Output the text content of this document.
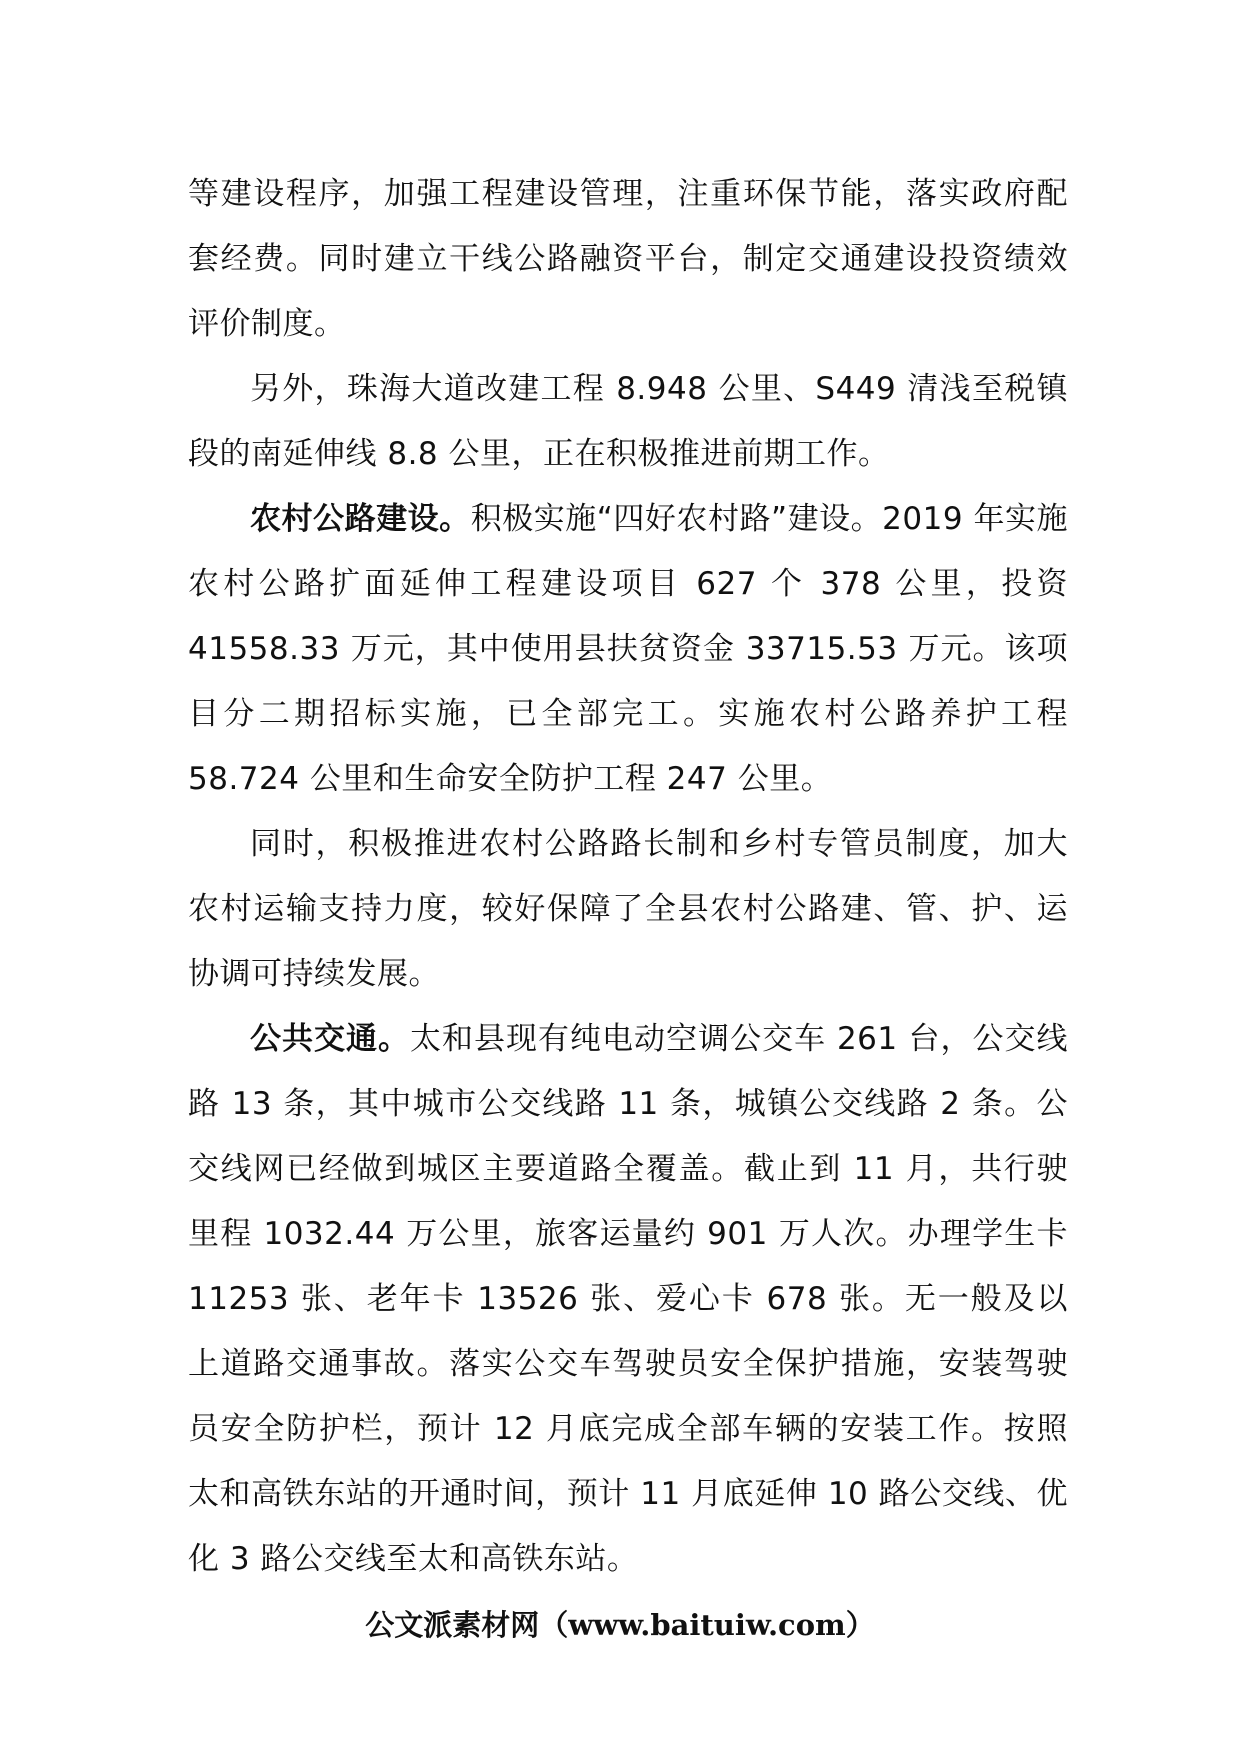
等建设程序，加强工程建设管理，注重环保节能，落实政府配套经费。同时建立干线公路融资平台，制定交通建设投资绩效评价制度。

另外，珠海大道改建工程 8.948 公里、S449 清浅至税镇段的南延伸线 8.8 公里，正在积极推进前期工作。

农村公路建设。积极实施“四好农村路”建设。2019 年实施农村公路扩面延伸工程建设项目 627 个 378 公里，投资 41558.33 万元，其中使用县扶贫资金 33715.53 万元。该项目分二期招标实施，已全部完工。实施农村公路养护工程 58.724 公里和生命安全防护工程 247 公里。

同时，积极推进农村公路路长制和乡村专管员制度，加大农村运输支持力度，较好保障了全县农村公路建、管、护、运协调可持续发展。

公共交通。太和县现有纯电动空调公交车 261 台，公交线路 13 条，其中城市公交线路 11 条，城镇公交线路 2 条。公交线网已经做到城区主要道路全覆盖。截止到 11 月，共行驶里程 1032.44 万公里，旅客运量约 901 万人次。办理学生卡 11253 张、老年卡 13526 张、爱心卡 678 张。无一般及以上道路交通事故。落实公交车驾驶员安全保护措施，安装驾驶员安全防护栏，预计 12 月底完成全部车辆的安装工作。按照太和高铁东站的开通时间，预计 11 月底延伸 10 路公交线、优化 3 路公交线至太和高铁东站。

公文派素材网（www.baituiw.com）
